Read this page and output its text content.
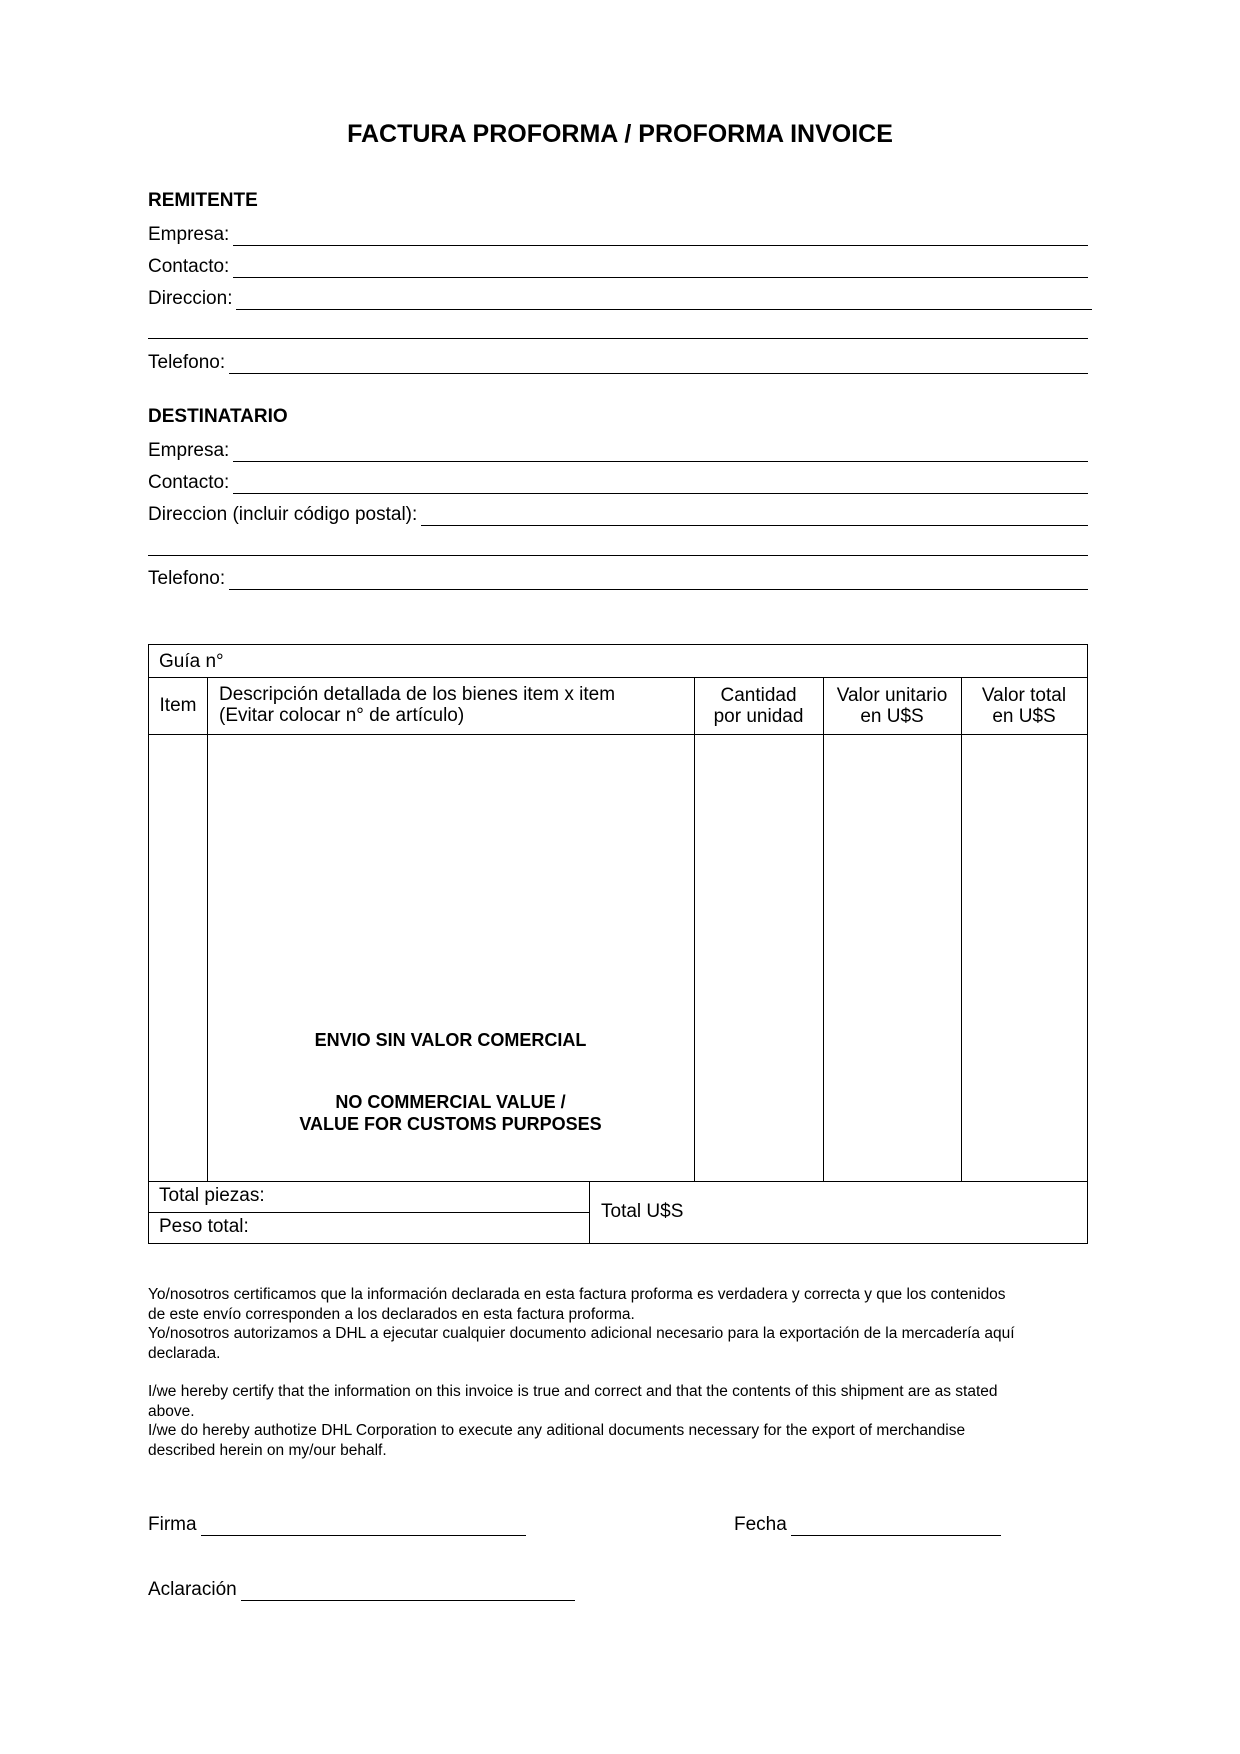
FACTURA PROFORMA / PROFORMA INVOICE
REMITENTE
Empresa:
Contacto:
Direccion:
Telefono:
DESTINATARIO
Empresa:
Contacto:
Direccion (incluir código postal):
Telefono:
Guía n°
Item
Descripción detallada de los bienes item x item
(Evitar colocar n° de artículo)
Cantidad
por unidad
Valor unitario
en U$S
Valor total
en U$S
ENVIO SIN VALOR COMERCIAL
NO COMMERCIAL VALUE /
VALUE FOR CUSTOMS PURPOSES
Total piezas:
Peso total:
Total U$S

Yo/nosotros certificamos que la información declarada en esta factura proforma es verdadera y correcta y que los contenidos

de este envío corresponden a los declarados en esta factura proforma.

Yo/nosotros autorizamos a DHL a ejecutar cualquier documento adicional necesario para la exportación de la mercadería aquí

declarada.

I/we hereby certify that the information on this invoice is true and correct and that the contents of this shipment are as stated

above.

I/we do hereby authotize DHL Corporation to execute any aditional documents necessary for the export of merchandise

described herein on my/our behalf.

Firma	Fecha
Aclaración
